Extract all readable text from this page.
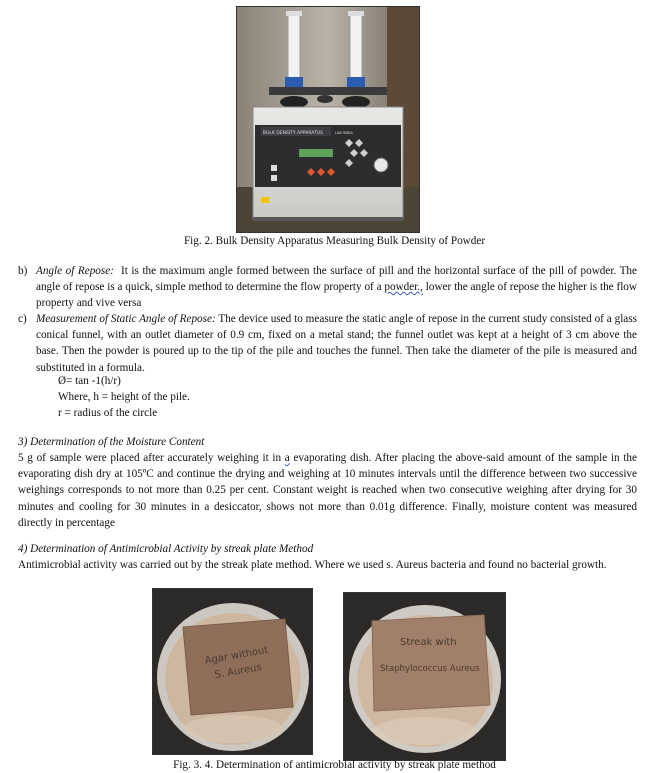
BULK DENSITY APPARATUS	LAB INDIA
Fig. 2. Bulk Density Apparatus Measuring Bulk Density of Powder
b) Angle of Repose: It is the maximum angle formed between the surface of pill and the horizontal surface of the pill of powder. The angle of repose is a quick, simple method to determine the flow property of a powder., lower the angle of repose the higher is the flow property and vive versa
c) Measurement of Static Angle of Repose: The device used to measure the static angle of repose in the current study consisted of a glass conical funnel, with an outlet diameter of 0.9 cm, fixed on a metal stand; the funnel outlet was kept at a height of 3 cm above the base. Then the powder is poured up to the tip of the pile and touches the funnel. Then take the diameter of the pile is measured and substituted in a formula.
Ø= tan -1(h/r)
Where, h = height of the pile.
r = radius of the circle
3) Determination of the Moisture Content
5 g of sample were placed after accurately weighing it in a evaporating dish. After placing the above-said amount of the sample in the evaporating dish dry at 105ºC and continue the drying and weighing at 10 minutes intervals until the difference between two successive weighings corresponds to not more than 0.25 per cent. Constant weight is reached when two consecutive weighing after drying for 30 minutes and cooling for 30 minutes in a desiccator, shows not more than 0.01g difference. Finally, moisture content was measured directly in percentage
4) Determination of Antimicrobial Activity by streak plate Method
Antimicrobial activity was carried out by the streak plate method. Where we used s. Aureus bacteria and found no bacterial growth.
Agar without
S. Aureus
Streak with
Staphylococcus Aureus
Fig. 3. 4. Determination of antimicrobial activity by streak plate method
